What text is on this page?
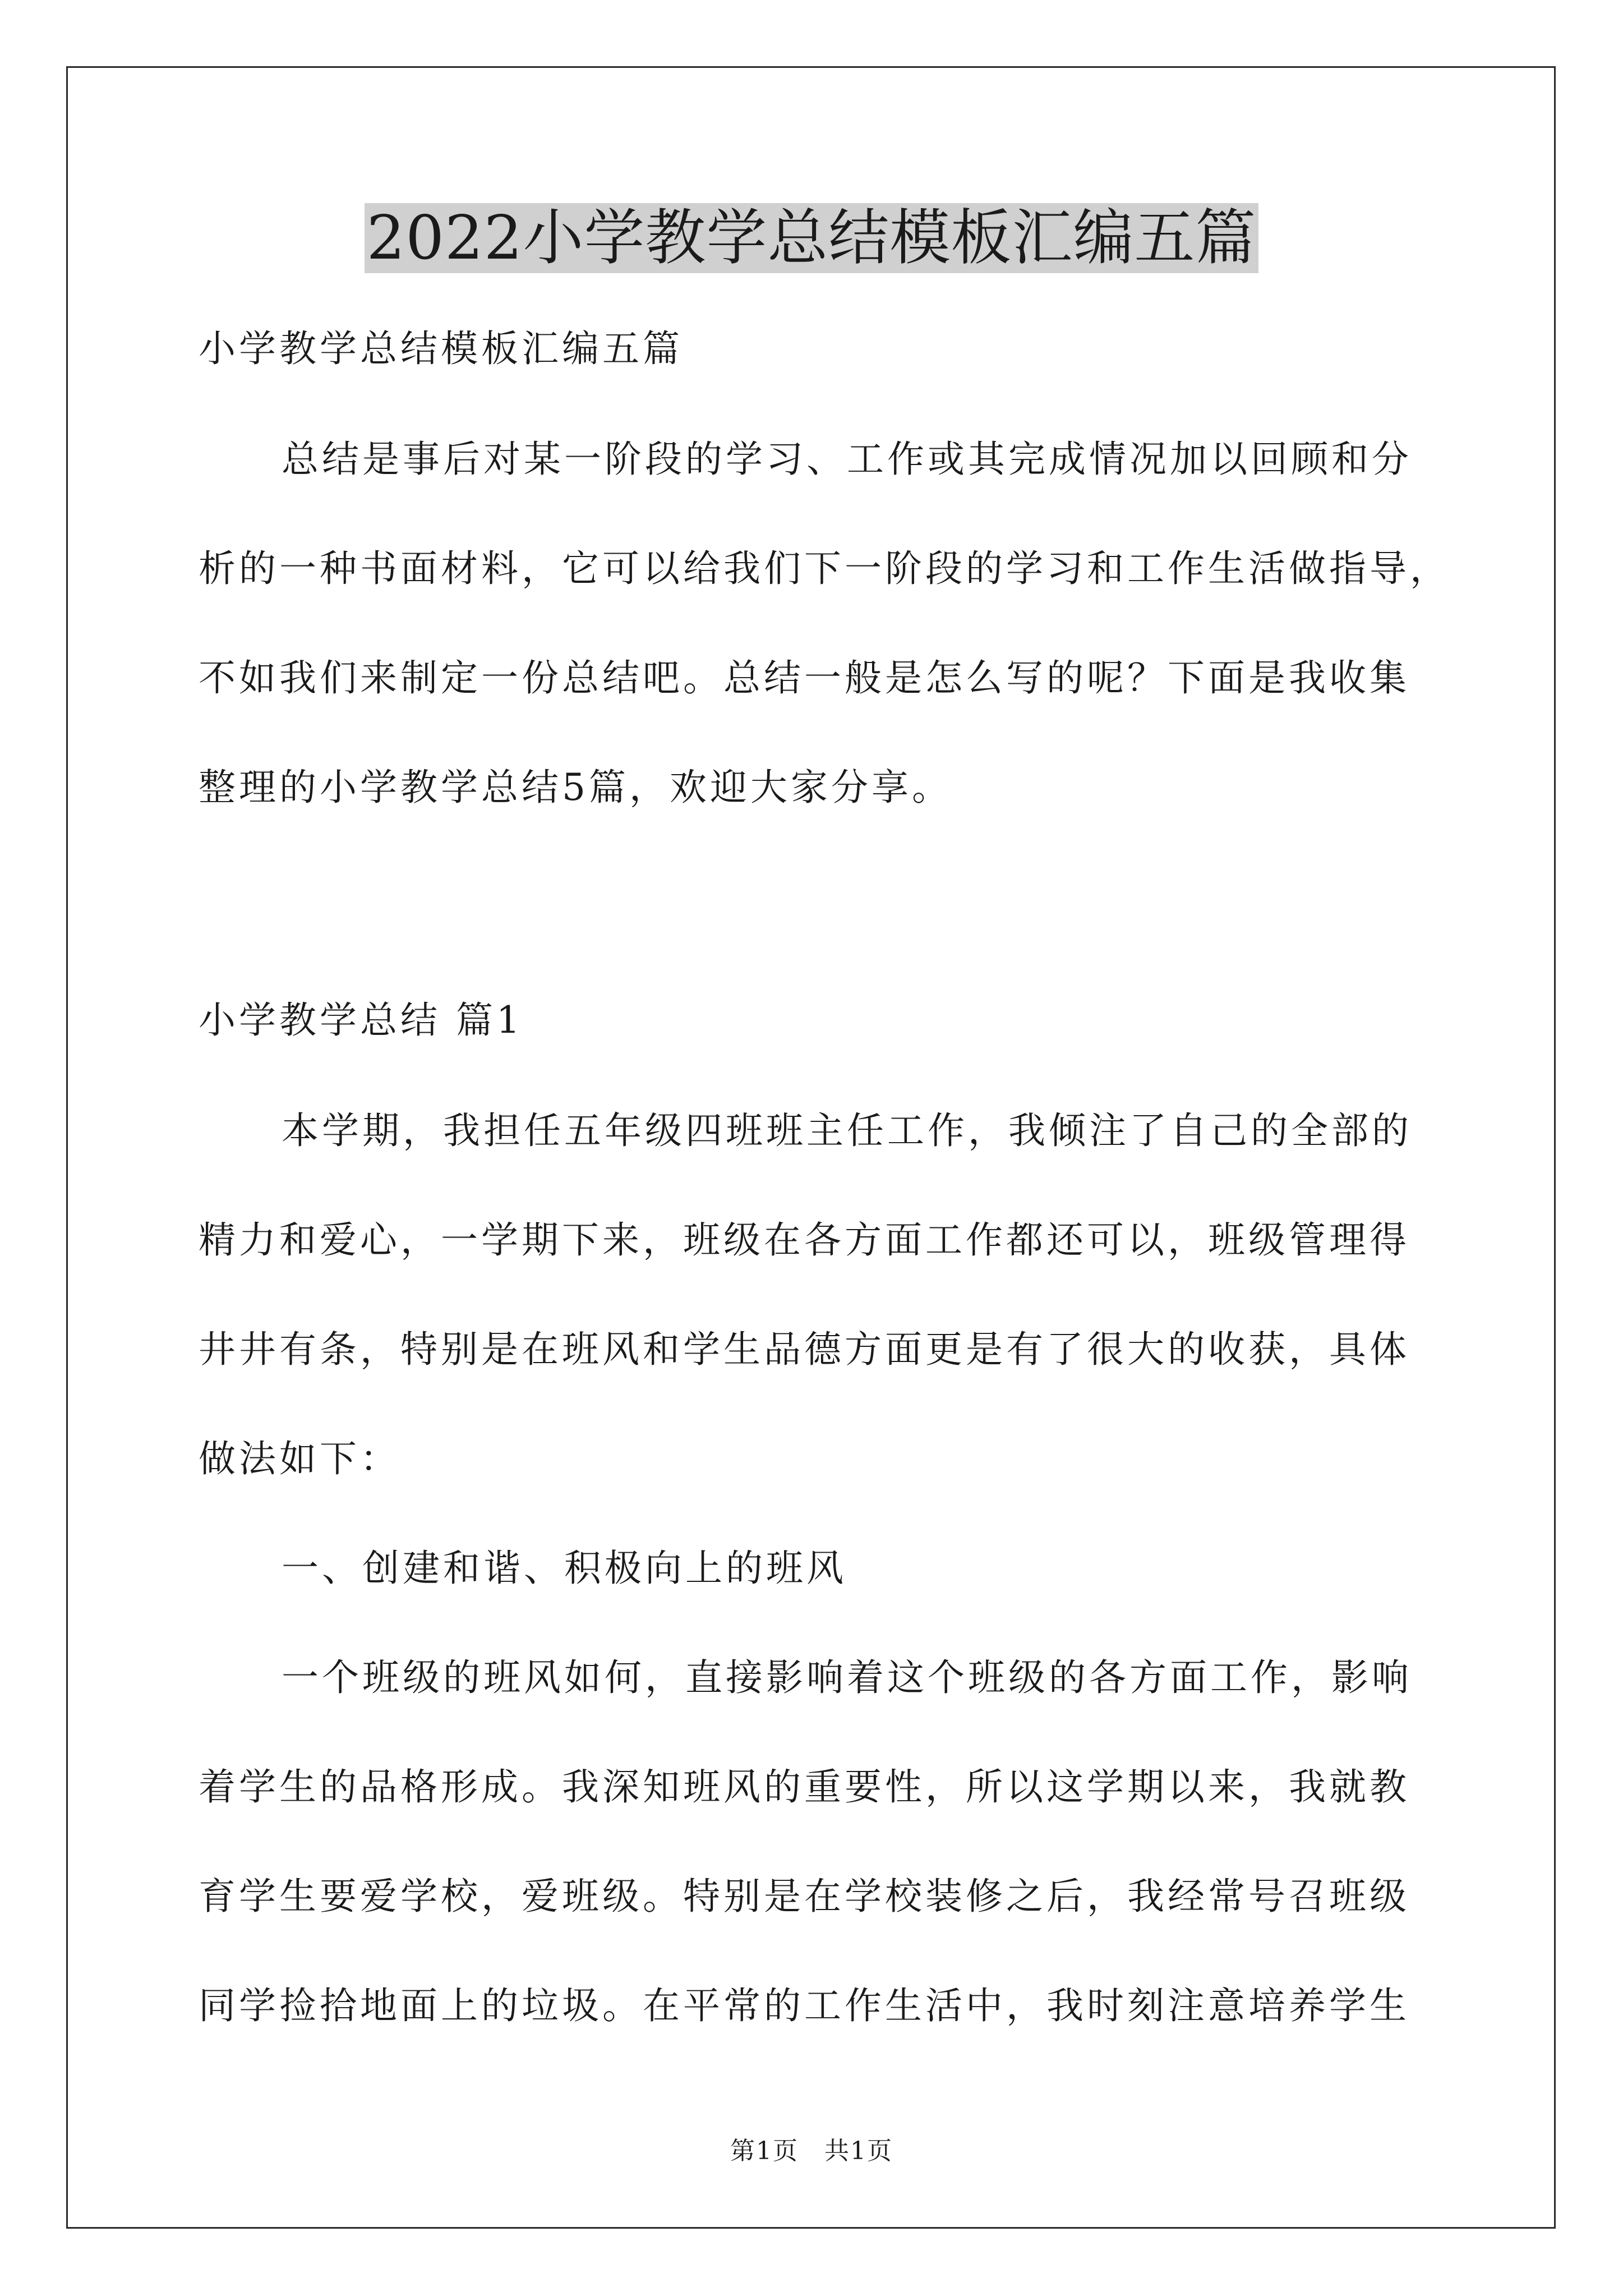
2022小学教学总结模板汇编五篇
小学教学总结模板汇编五篇
总结是事后对某一阶段的学习、工作或其完成情况加以回顾和分
析的一种书面材料，它可以给我们下一阶段的学习和工作生活做指导，
不如我们来制定一份总结吧。总结一般是怎么写的呢？下面是我收集
整理的小学教学总结5篇，欢迎大家分享。
小学教学总结 篇1
本学期，我担任五年级四班班主任工作，我倾注了自己的全部的
精力和爱心，一学期下来，班级在各方面工作都还可以，班级管理得
井井有条，特别是在班风和学生品德方面更是有了很大的收获，具体
做法如下：
一、创建和谐、积极向上的班风
一个班级的班风如何，直接影响着这个班级的各方面工作，影响
着学生的品格形成。我深知班风的重要性，所以这学期以来，我就教
育学生要爱学校，爱班级。特别是在学校装修之后，我经常号召班级
同学捡拾地面上的垃圾。在平常的工作生活中，我时刻注意培养学生
第1页　共1页
